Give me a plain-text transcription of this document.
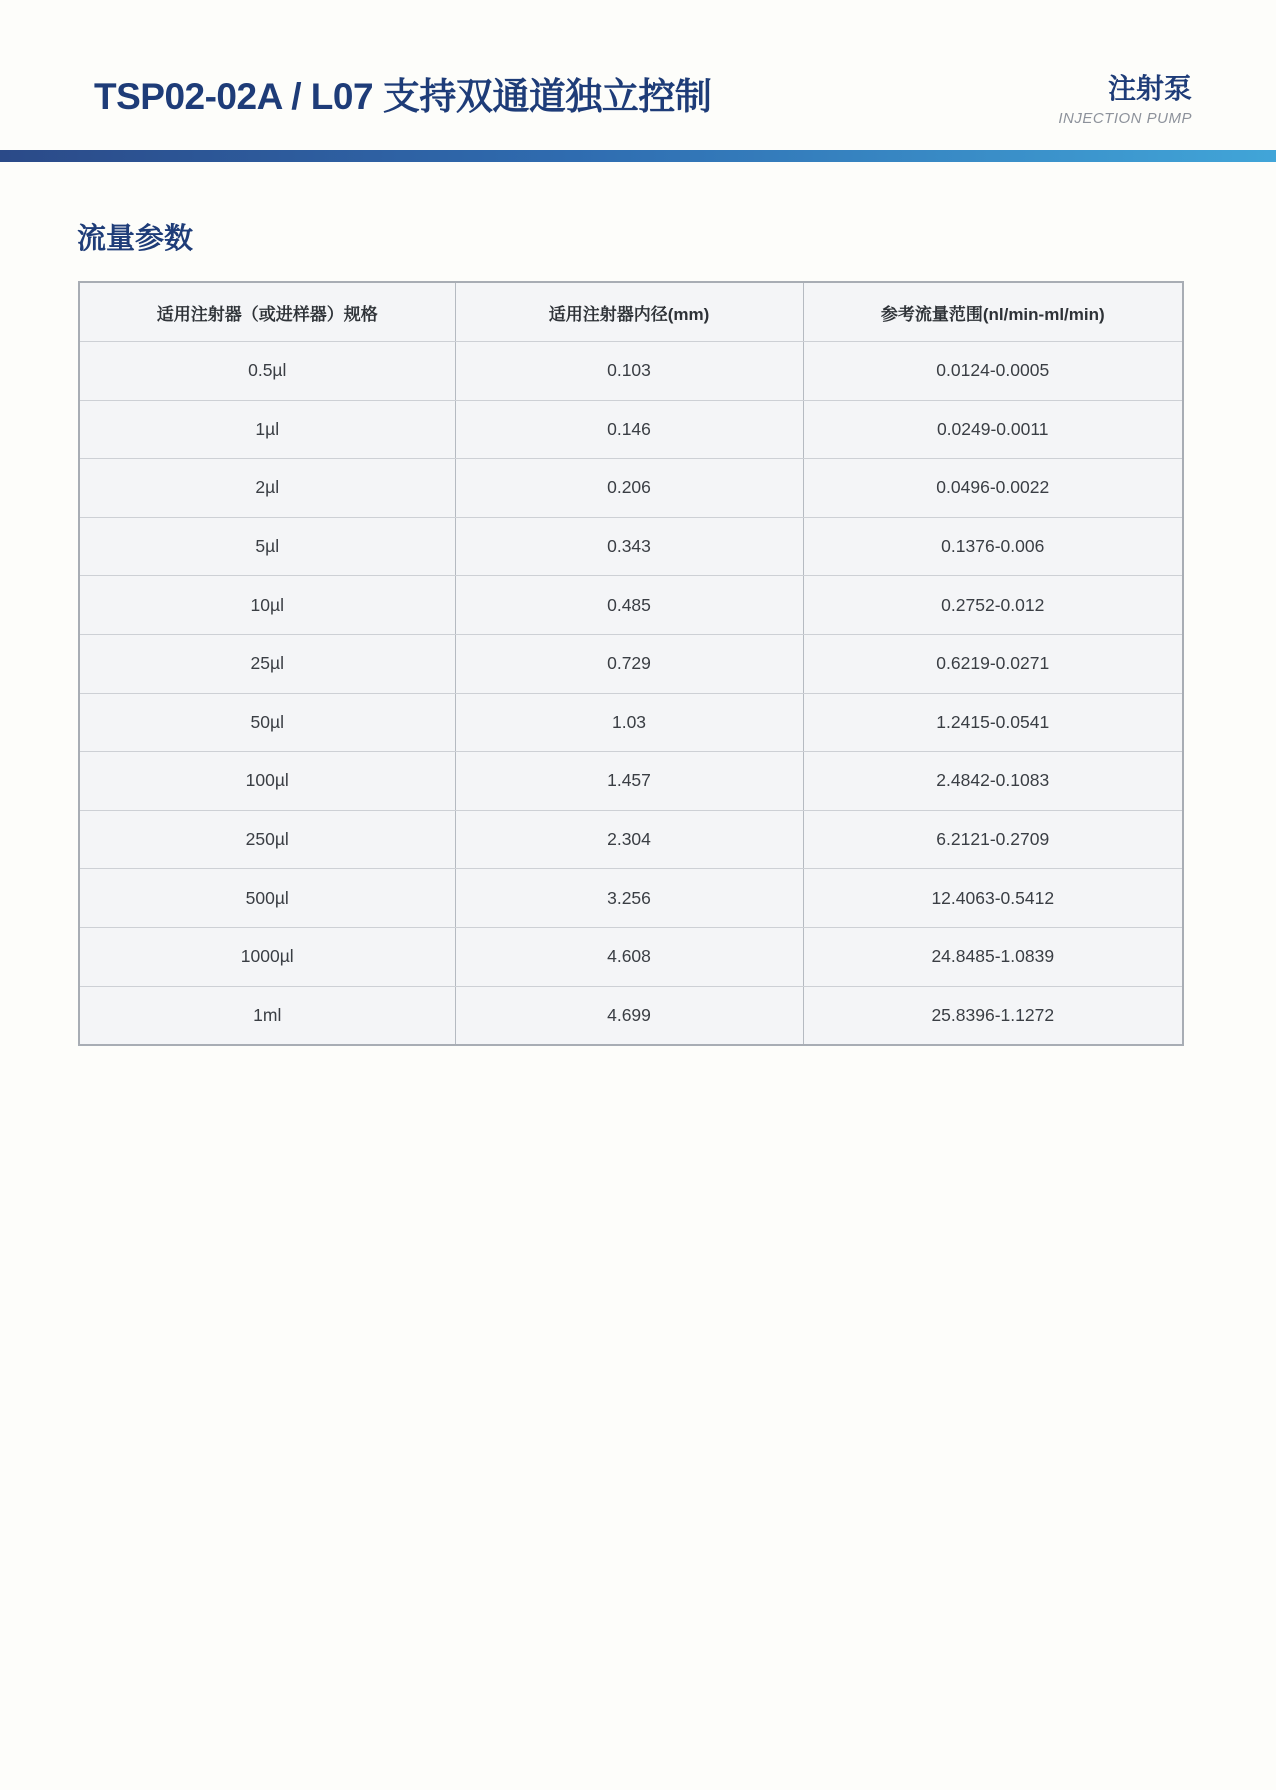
TSP02-02A / L07 支持双通道独立控制	注射泵
INJECTION PUMP
流量参数
适用注射器（或进样器）规格	适用注射器内径(mm)	参考流量范围(nl/min-ml/min)
0.5µl	0.103	0.0124-0.0005
1µl	0.146	0.0249-0.0011
2µl	0.206	0.0496-0.0022
5µl	0.343	0.1376-0.006
10µl	0.485	0.2752-0.012
25µl	0.729	0.6219-0.0271
50µl	1.03	1.2415-0.0541
100µl	1.457	2.4842-0.1083
250µl	2.304	6.2121-0.2709
500µl	3.256	12.4063-0.5412
1000µl	4.608	24.8485-1.0839
1ml	4.699	25.8396-1.1272
